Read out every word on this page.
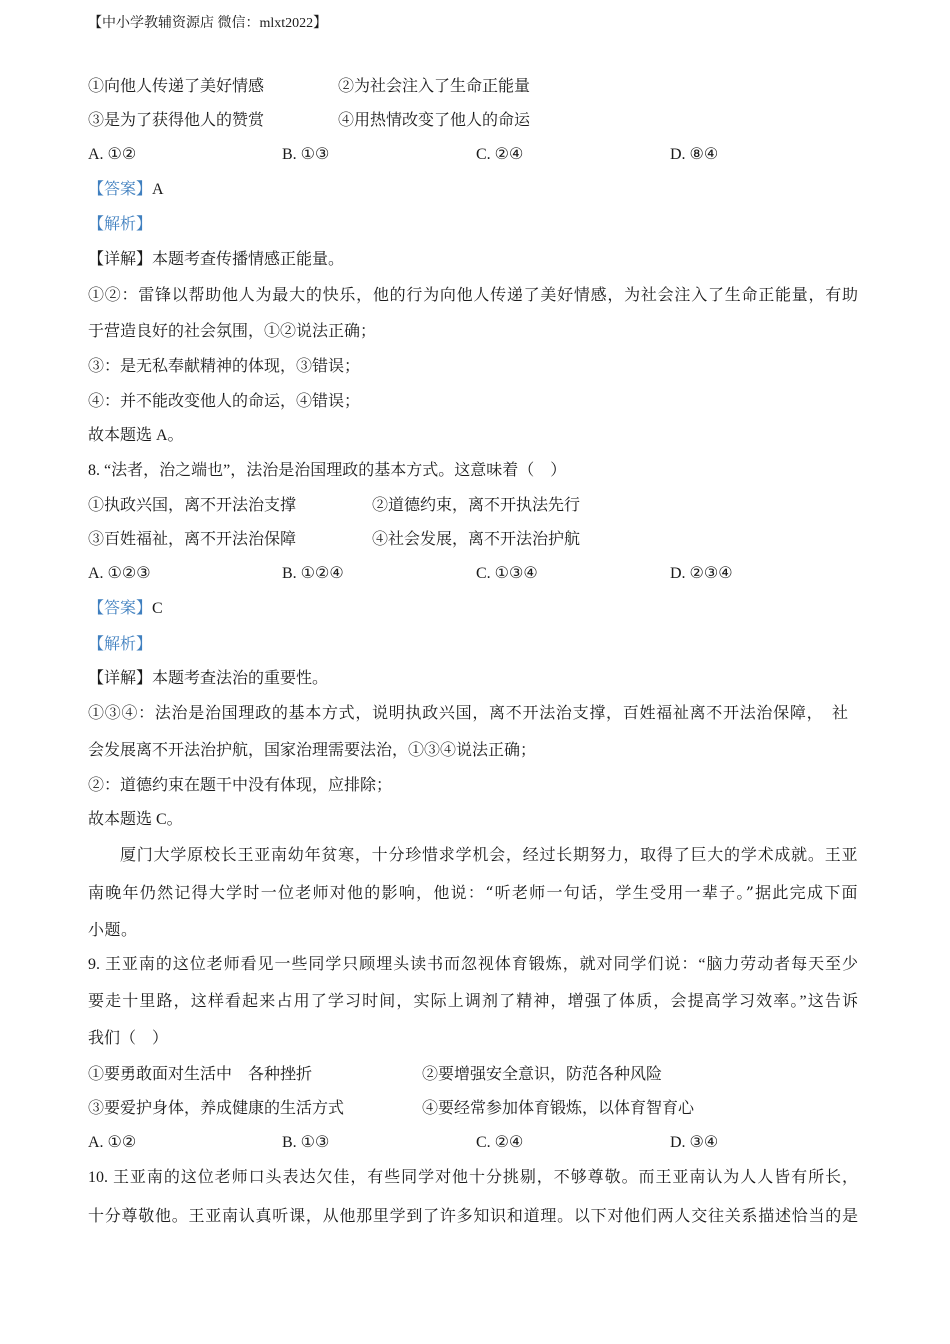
【中小学教辅资源店 微信：mlxt2022】
①向他人传递了美好情感	②为社会注入了生命正能量
③是为了获得他人的赞赏	④用热情改变了他人的命运
A. ①②	B. ①③	C. ②④	D. ⑧④
【答案】A
【解析】
【详解】本题考查传播情感正能量。
①②：雷锋以帮助他人为最大的快乐，他的行为向他人传递了美好情感，为社会注入了生命正能量，有助
于营造良好的社会氛围，①②说法正确；
③：是无私奉献精神的体现，③错误；
④：并不能改变他人的命运，④错误；
故本题选 A。
8. “法者，治之端也”，法治是治国理政的基本方式。这意味着（　）
①执政兴国，离不开法治支撑	②道德约束，离不开执法先行
③百姓福祉，离不开法治保障	④社会发展，离不开法治护航
A. ①②③	B. ①②④	C. ①③④	D. ②③④
【答案】C
【解析】
【详解】本题考查法治的重要性。
①③④：法治是治国理政的基本方式，说明执政兴国，离不开法治支撑，百姓福祉离不开法治保障，　社
会发展离不开法治护航，国家治理需要法治，①③④说法正确；
②：道德约束在题干中没有体现，应排除；
故本题选 C。
厦门大学原校长王亚南幼年贫寒，十分珍惜求学机会，经过长期努力，取得了巨大的学术成就。王亚
南晚年仍然记得大学时一位老师对他的影响，他说：“听老师一句话，学生受用一辈子。”据此完成下面
小题。
9. 王亚南的这位老师看见一些同学只顾埋头读书而忽视体育锻炼，就对同学们说：“脑力劳动者每天至少
要走十里路，这样看起来占用了学习时间，实际上调剂了精神，增强了体质，会提高学习效率。”这告诉
我们（　）
①要勇敢面对生活中　各种挫折	②要增强安全意识，防范各种风险
③要爱护身体，养成健康的生活方式	④要经常参加体育锻炼，以体育智育心
A. ①②	B. ①③	C. ②④	D. ③④
10. 王亚南的这位老师口头表达欠佳，有些同学对他十分挑剔，不够尊敬。而王亚南认为人人皆有所长，
十分尊敬他。王亚南认真听课，从他那里学到了许多知识和道理。以下对他们两人交往关系描述恰当的是
